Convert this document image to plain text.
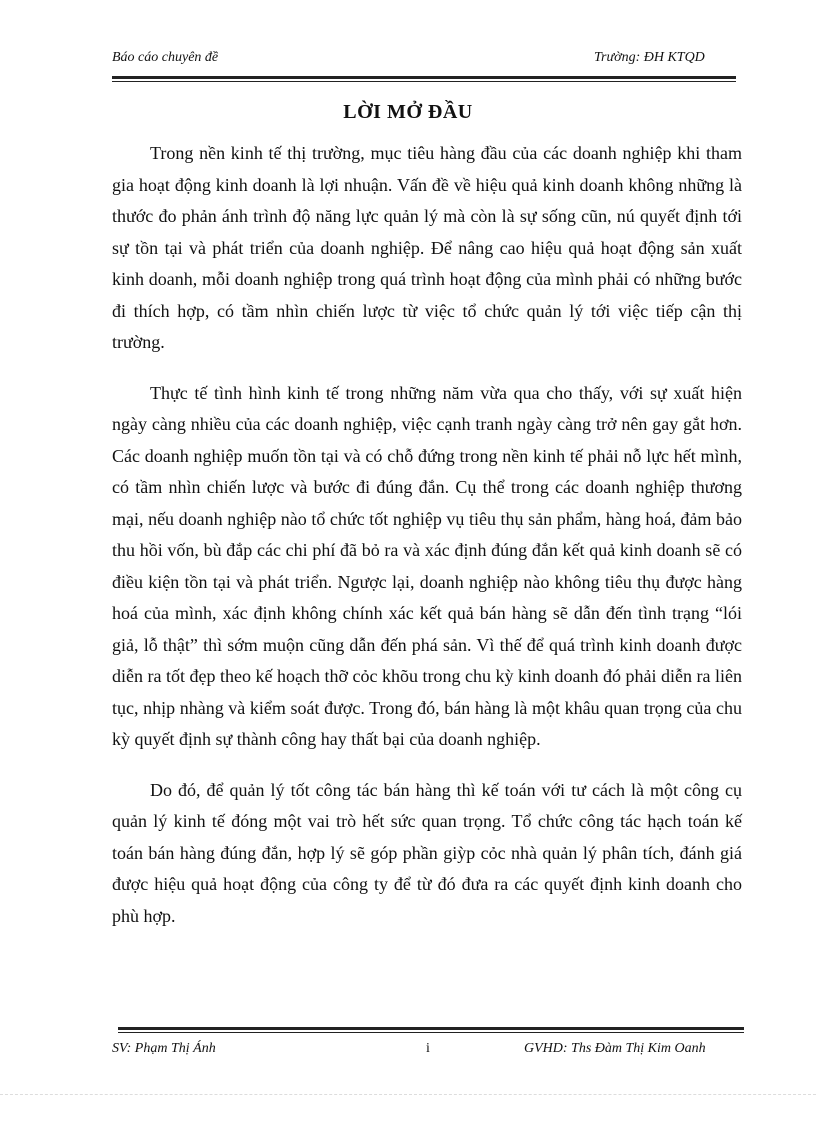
Báo cáo chuyên đề	Trường: ĐH KTQD
LỜI MỞ ĐẦU

Trong nền kinh tế thị trường, mục tiêu hàng đầu của các doanh nghiệp khi tham gia hoạt động kinh doanh là lợi nhuận. Vấn đề về hiệu quả kinh doanh không những là thước đo phản ánh trình độ năng lực quản lý mà còn là sự sống cũn, nú quyết định tới sự tồn tại và phát triển của doanh nghiệp. Để nâng cao hiệu quả hoạt động sản xuất kinh doanh, mỗi doanh nghiệp trong quá trình hoạt động của mình phải có những bước đi thích hợp, có tầm nhìn chiến lược từ việc tổ chức quản lý tới việc tiếp cận thị trường.

Thực tế tình hình kinh tế trong những năm vừa qua cho thấy, với sự xuất hiện ngày càng nhiều của các doanh nghiệp, việc cạnh tranh ngày càng trở nên gay gắt hơn. Các doanh nghiệp muốn tồn tại và có chỗ đứng trong nền kinh tế phải nỗ lực hết mình, có tầm nhìn chiến lược và bước đi đúng đắn. Cụ thể trong các doanh nghiệp thương mại, nếu doanh nghiệp nào tổ chức tốt nghiệp vụ tiêu thụ sản phẩm, hàng hoá, đảm bảo thu hồi vốn, bù đắp các chi phí đã bỏ ra và xác định đúng đắn kết quả kinh doanh sẽ có điều kiện tồn tại và phát triển. Ngược lại, doanh nghiệp nào không tiêu thụ được hàng hoá của mình, xác định không chính xác kết quả bán hàng sẽ dẫn đến tình trạng “lói giả, lỗ thật” thì sớm muộn cũng dẫn đến phá sản. Vì thế để quá trình kinh doanh được diễn ra tốt đẹp theo kế hoạch thỡ cỏc khõu trong chu kỳ kinh doanh đó phải diễn ra liên tục, nhịp nhàng và kiểm soát được. Trong đó, bán hàng là một khâu quan trọng của chu kỳ quyết định sự thành công hay thất bại của doanh nghiệp.

Do đó, để quản lý tốt công tác bán hàng thì kế toán với tư cách là một công cụ quản lý kinh tế đóng một vai trò hết sức quan trọng. Tổ chức công tác hạch toán kế toán bán hàng đúng đắn, hợp lý sẽ góp phần giỳp cỏc nhà quản lý phân tích, đánh giá được hiệu quả hoạt động của công ty để từ đó đưa ra các quyết định kinh doanh cho phù hợp.

SV: Phạm Thị Ánh	i	GVHD: Ths Đàm Thị Kim Oanh
